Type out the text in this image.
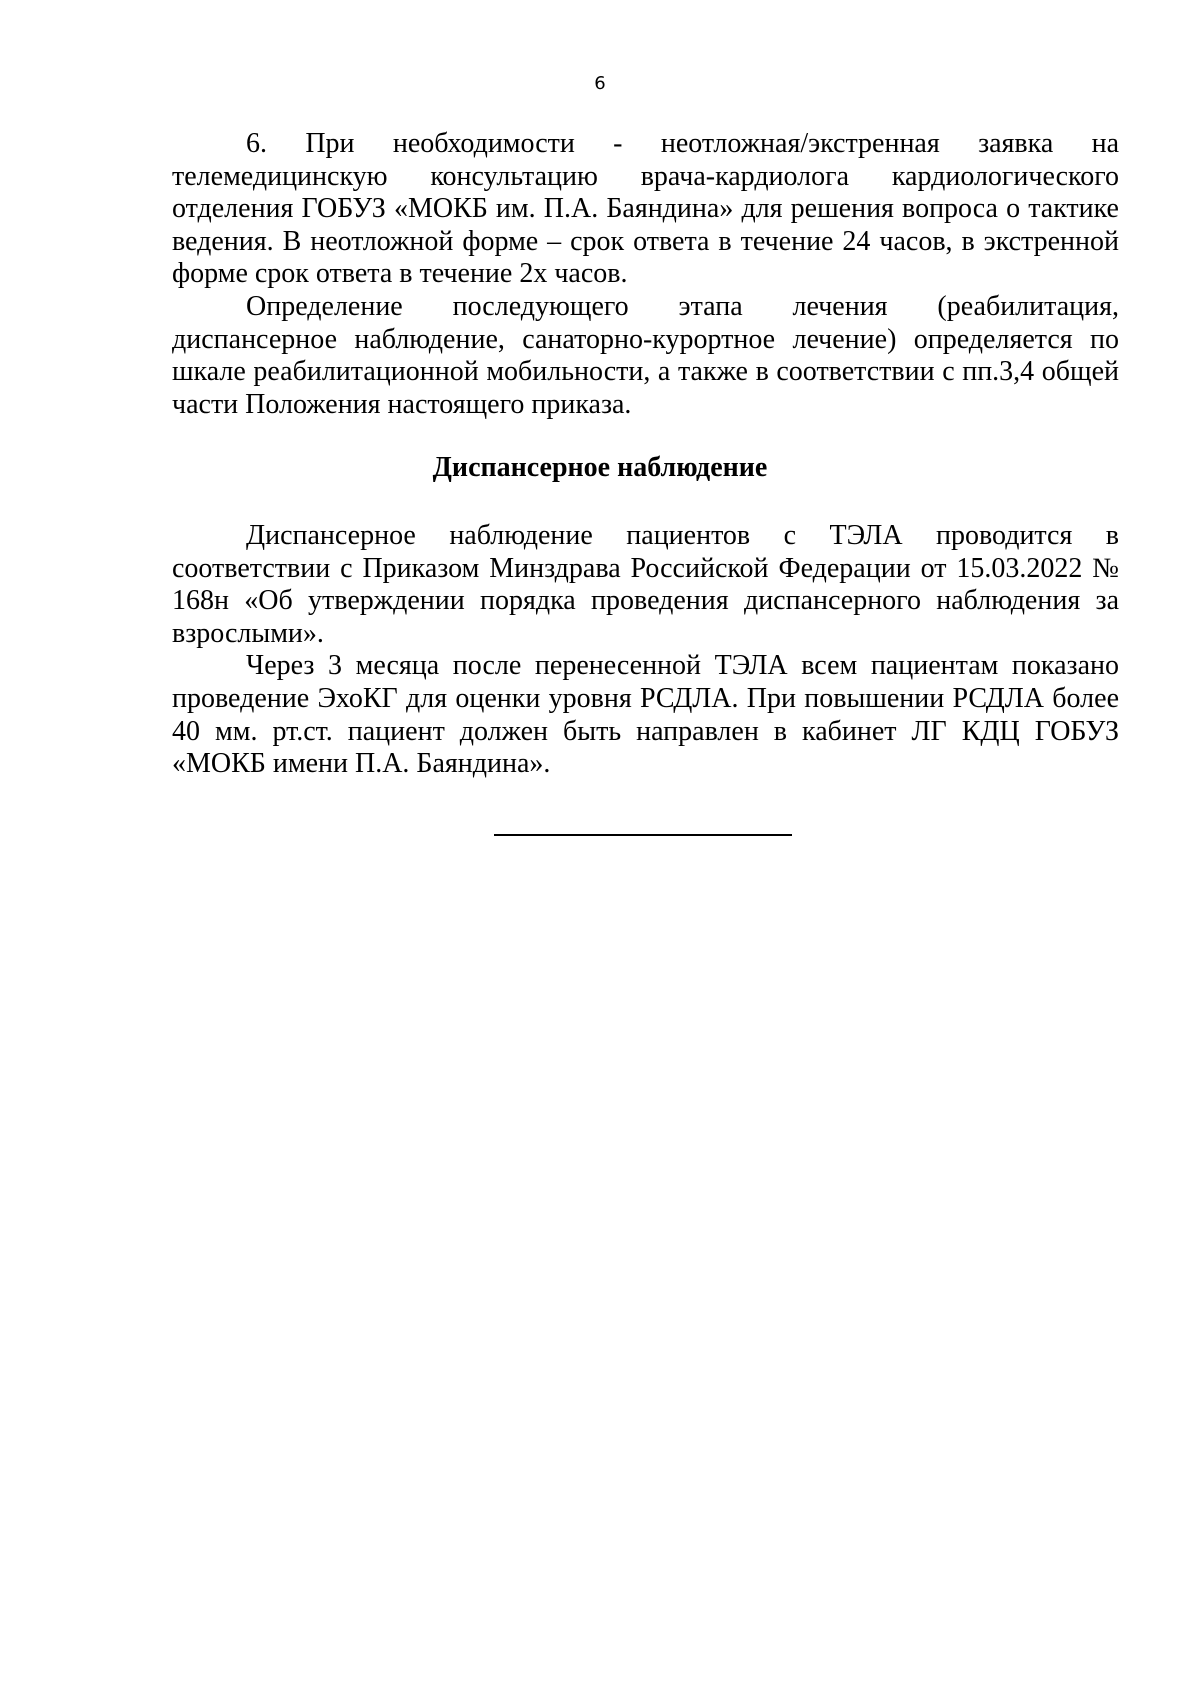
6

6. При необходимости - неотложная/экстренная заявка на телемедицинскую консультацию врача-кардиолога кардиологического отделения ГОБУЗ «МОКБ им. П.А. Баяндина» для решения вопроса о тактике ведения. В неотложной форме – срок ответа в течение 24 часов, в экстренной форме срок ответа в течение 2х часов.

Определение последующего этапа лечения (реабилитация, диспансерное наблюдение, санаторно-курортное лечение) определяется по шкале реабилитационной мобильности, а также в соответствии с пп.3,4 общей части Положения настоящего приказа.

Диспансерное наблюдение

Диспансерное наблюдение пациентов с ТЭЛА проводится в соответствии с Приказом Минздрава Российской Федерации от 15.03.2022 № 168н «Об утверждении порядка проведения диспансерного наблюдения за взрослыми».

Через 3 месяца после перенесенной ТЭЛА всем пациентам показано проведение ЭхоКГ для оценки уровня РСДЛА. При повышении РСДЛА более 40 мм. рт.ст. пациент должен быть направлен в кабинет ЛГ КДЦ ГОБУЗ «МОКБ имени П.А. Баяндина».
